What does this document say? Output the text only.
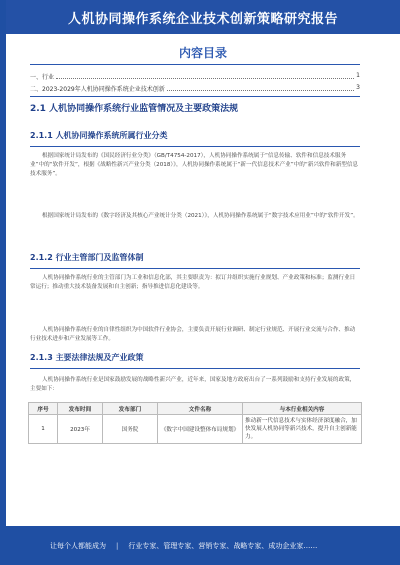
人机协同操作系统企业技术创新策略研究报告
内容目录
一、行业	1
二、2023-2029年人机协同操作系统企业技术创新	3
2.1 人机协同操作系统行业监管情况及主要政策法规
2.1.1 人机协同操作系统所属行业分类
根据国家统计局发布的《国民经济行业分类》（GB/T4754-2017），人机协同操作系统属于“信息传输、软件和信息技术服务业”中的“软件开发”，根据《战略性新兴产业分类（2018）》，人机协同操作系统属于“新一代信息技术产业”中的“新兴软件和新型信息技术服务”。
根据国家统计局发布的《数字经济及其核心产业统计分类（2021）》，人机协同操作系统属于“数字技术应用业”中的“软件开发”。
2.1.2 行业主管部门及监管体制
人机协同操作系统行业的主管部门为工业和信息化部，其主要职责为：拟订并组织实施行业规划、产业政策和标准；监测行业日常运行；推动重大技术装备发展和自主创新；指导推进信息化建设等。
人机协同操作系统行业的自律性组织为中国软件行业协会，主要负责开展行业调研、制定行业规范、开展行业交流与合作、推动行业技术进步和产业发展等工作。
2.1.3 主要法律法规及产业政策
人机协同操作系统行业是国家鼓励发展的战略性新兴产业，近年来，国家及地方政府出台了一系列鼓励和支持行业发展的政策，主要如下：
序号	发布时间	发布部门	文件名称	与本行业相关内容
1	2023年	国务院	《数字中国建设整体布局规划》	推动新一代信息技术与实体经济深度融合，加快发展人机协同等新兴技术，提升自主创新能力。
让每个人都能成为 | 行业专家 、 管理专家 、 营销专家 、 战略专家 、 成功企业家 ……
